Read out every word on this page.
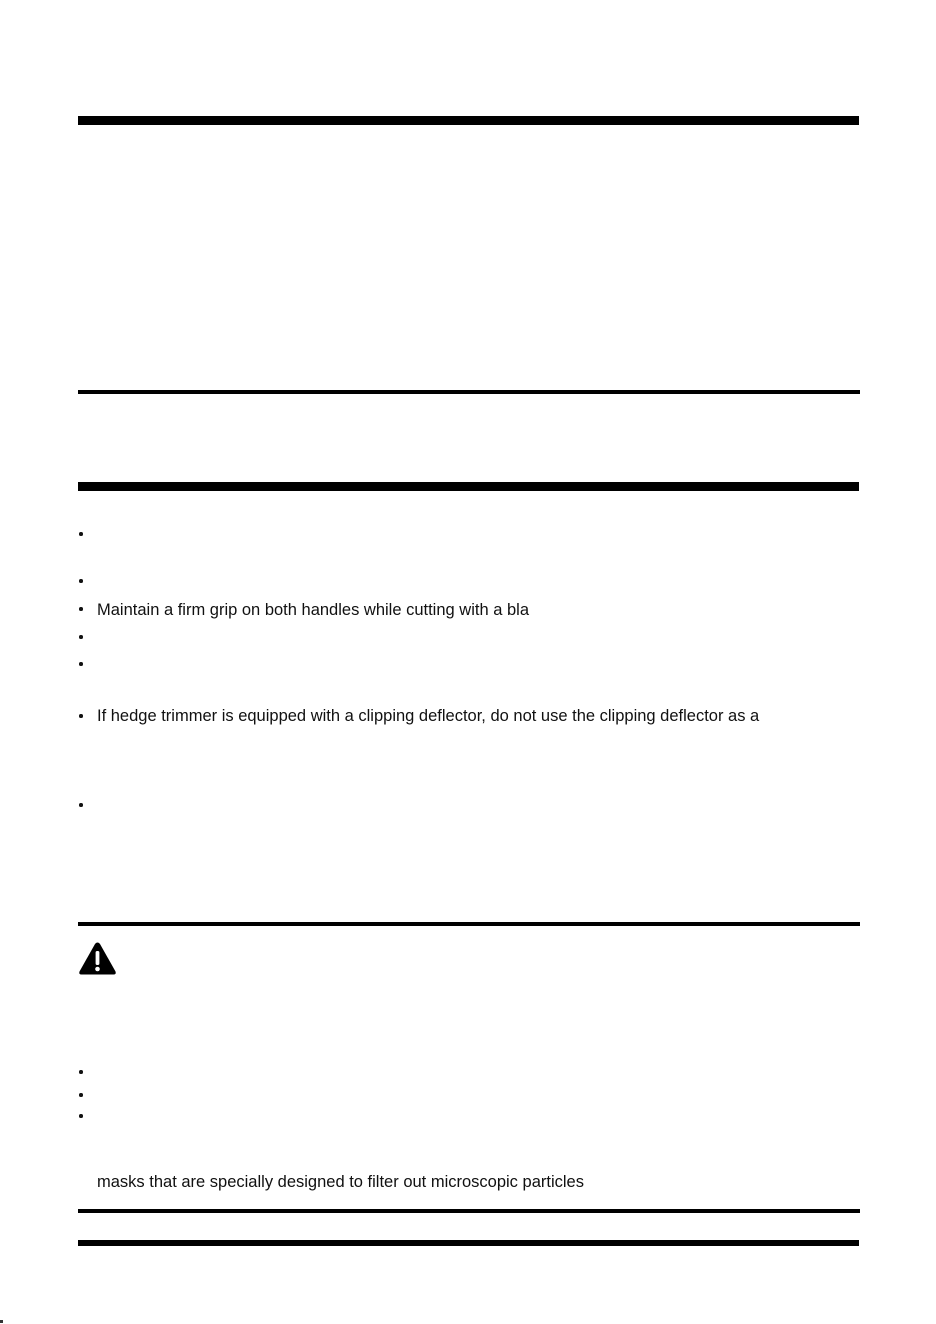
Maintain a firm grip on both handles while cutting with a bla
If hedge trimmer is equipped with a clipping deflector, do not use the clipping deflector as a
masks that are specially designed to filter out microscopic particles
